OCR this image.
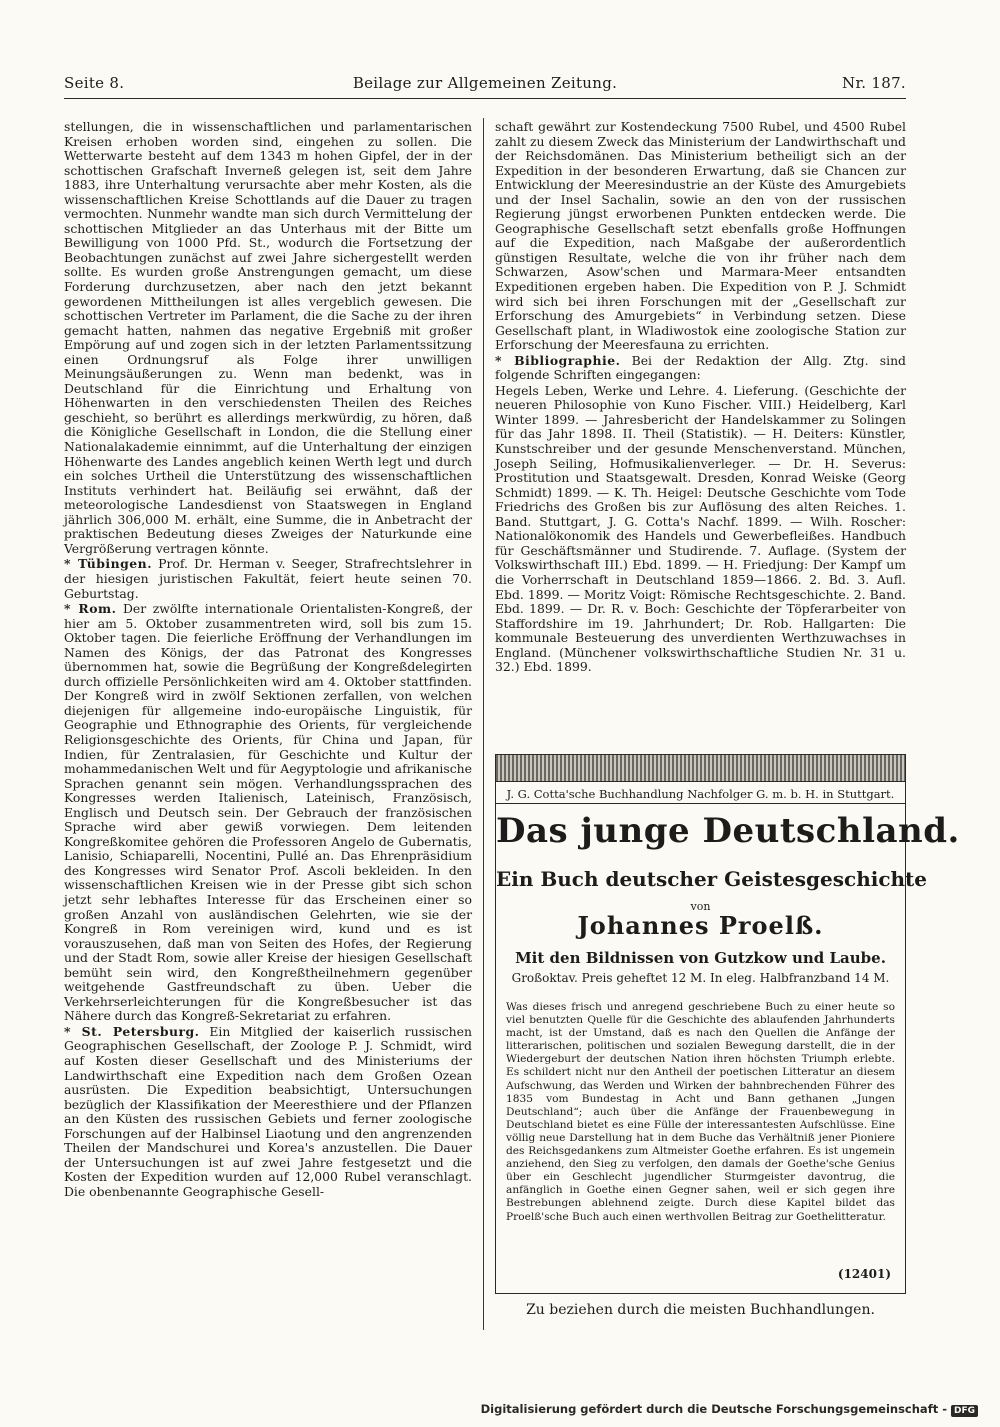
Seite 8.	Beilage zur Allgemeinen Zeitung.	Nr. 187.

stellungen, die in wissenschaftlichen und parlamentarischen Kreisen erhoben worden sind, eingehen zu sollen. Die Wetterwarte besteht auf dem 1343 m hohen Gipfel, der in der schottischen Grafschaft Inverneß gelegen ist, seit dem Jahre 1883, ihre Unterhaltung verursachte aber mehr Kosten, als die wissenschaftlichen Kreise Schottlands auf die Dauer zu tragen vermochten. Nunmehr wandte man sich durch Vermittelung der schottischen Mitglieder an das Unterhaus mit der Bitte um Bewilligung von 1000 Pfd. St., wodurch die Fortsetzung der Beobachtungen zunächst auf zwei Jahre sichergestellt werden sollte. Es wurden große Anstrengungen gemacht, um diese Forderung durchzusetzen, aber nach den jetzt bekannt gewordenen Mittheilungen ist alles vergeblich gewesen. Die schottischen Vertreter im Parlament, die die Sache zu der ihren gemacht hatten, nahmen das negative Ergebniß mit großer Empörung auf und zogen sich in der letzten Parlamentssitzung einen Ordnungsruf als Folge ihrer unwilligen Meinungsäußerungen zu. Wenn man bedenkt, was in Deutschland für die Einrichtung und Erhaltung von Höhenwarten in den verschiedensten Theilen des Reiches geschieht, so berührt es allerdings merkwürdig, zu hören, daß die Königliche Gesellschaft in London, die die Stellung einer Nationalakademie einnimmt, auf die Unterhaltung der einzigen Höhenwarte des Landes angeblich keinen Werth legt und durch ein solches Urtheil die Unterstützung des wissenschaftlichen Instituts verhindert hat. Beiläufig sei erwähnt, daß der meteorologische Landesdienst von Staatswegen in England jährlich 306,000 M. erhält, eine Summe, die in Anbetracht der praktischen Bedeutung dieses Zweiges der Naturkunde eine Vergrößerung vertragen könnte.

* Tübingen. Prof. Dr. Herman v. Seeger, Strafrechtslehrer in der hiesigen juristischen Fakultät, feiert heute seinen 70. Geburtstag.

* Rom. Der zwölfte internationale Orientalisten-Kongreß, der hier am 5. Oktober zusammentreten wird, soll bis zum 15. Oktober tagen. Die feierliche Eröffnung der Verhandlungen im Namen des Königs, der das Patronat des Kongresses übernommen hat, sowie die Begrüßung der Kongreßdelegirten durch offizielle Persönlichkeiten wird am 4. Oktober stattfinden. Der Kongreß wird in zwölf Sektionen zerfallen, von welchen diejenigen für allgemeine indo-europäische Linguistik, für Geographie und Ethnographie des Orients, für vergleichende Religionsgeschichte des Orients, für China und Japan, für Indien, für Zentralasien, für Geschichte und Kultur der mohammedanischen Welt und für Aegyptologie und afrikanische Sprachen genannt sein mögen. Verhandlungssprachen des Kongresses werden Italienisch, Lateinisch, Französisch, Englisch und Deutsch sein. Der Gebrauch der französischen Sprache wird aber gewiß vorwiegen. Dem leitenden Kongreßkomitee gehören die Professoren Angelo de Gubernatis, Lanisio, Schiaparelli, Nocentini, Pullé an. Das Ehrenpräsidium des Kongresses wird Senator Prof. Ascoli bekleiden. In den wissenschaftlichen Kreisen wie in der Presse gibt sich schon jetzt sehr lebhaftes Interesse für das Erscheinen einer so großen Anzahl von ausländischen Gelehrten, wie sie der Kongreß in Rom vereinigen wird, kund und es ist vorauszusehen, daß man von Seiten des Hofes, der Regierung und der Stadt Rom, sowie aller Kreise der hiesigen Gesellschaft bemüht sein wird, den Kongreßtheilnehmern gegenüber weitgehende Gastfreundschaft zu üben. Ueber die Verkehrserleichterungen für die Kongreßbesucher ist das Nähere durch das Kongreß-Sekretariat zu erfahren.

* St. Petersburg. Ein Mitglied der kaiserlich russischen Geographischen Gesellschaft, der Zoologe P. J. Schmidt, wird auf Kosten dieser Gesellschaft und des Ministeriums der Landwirthschaft eine Expedition nach dem Großen Ozean ausrüsten. Die Expedition beabsichtigt, Untersuchungen bezüglich der Klassifikation der Meeresthiere und der Pflanzen an den Küsten des russischen Gebiets und ferner zoologische Forschungen auf der Halbinsel Liaotung und den angrenzenden Theilen der Mandschurei und Korea's anzustellen. Die Dauer der Untersuchungen ist auf zwei Jahre festgesetzt und die Kosten der Expedition wurden auf 12,000 Rubel veranschlagt. Die obenbenannte Geographische Gesell-

schaft gewährt zur Kostendeckung 7500 Rubel, und 4500 Rubel zahlt zu diesem Zweck das Ministerium der Landwirthschaft und der Reichsdomänen. Das Ministerium betheiligt sich an der Expedition in der besonderen Erwartung, daß sie Chancen zur Entwicklung der Meeresindustrie an der Küste des Amurgebiets und der Insel Sachalin, sowie an den von der russischen Regierung jüngst erworbenen Punkten entdecken werde. Die Geographische Gesellschaft setzt ebenfalls große Hoffnungen auf die Expedition, nach Maßgabe der außerordentlich günstigen Resultate, welche die von ihr früher nach dem Schwarzen, Asow'schen und Marmara-Meer entsandten Expeditionen ergeben haben. Die Expedition von P. J. Schmidt wird sich bei ihren Forschungen mit der „Gesellschaft zur Erforschung des Amurgebiets“ in Verbindung setzen. Diese Gesellschaft plant, in Wladiwostok eine zoologische Station zur Erforschung der Meeresfauna zu errichten.

* Bibliographie. Bei der Redaktion der Allg. Ztg. sind folgende Schriften eingegangen:

Hegels Leben, Werke und Lehre. 4. Lieferung. (Geschichte der neueren Philosophie von Kuno Fischer. VIII.) Heidelberg, Karl Winter 1899. — Jahresbericht der Handelskammer zu Solingen für das Jahr 1898. II. Theil (Statistik). — H. Deiters: Künstler, Kunstschreiber und der gesunde Menschenverstand. München, Joseph Seiling, Hofmusikalienverleger. — Dr. H. Severus: Prostitution und Staatsgewalt. Dresden, Konrad Weiske (Georg Schmidt) 1899. — K. Th. Heigel: Deutsche Geschichte vom Tode Friedrichs des Großen bis zur Auflösung des alten Reiches. 1. Band. Stuttgart, J. G. Cotta's Nachf. 1899. — Wilh. Roscher: Nationalökonomik des Handels und Gewerbefleißes. Handbuch für Geschäftsmänner und Studirende. 7. Auflage. (System der Volkswirthschaft III.) Ebd. 1899. — H. Friedjung: Der Kampf um die Vorherrschaft in Deutschland 1859—1866. 2. Bd. 3. Aufl. Ebd. 1899. — Moritz Voigt: Römische Rechtsgeschichte. 2. Band. Ebd. 1899. — Dr. R. v. Boch: Geschichte der Töpferarbeiter von Staffordshire im 19. Jahrhundert; Dr. Rob. Hallgarten: Die kommunale Besteuerung des unverdienten Werthzuwachses in England. (Münchener volkswirthschaftliche Studien Nr. 31 u. 32.) Ebd. 1899.

J. G. Cotta'sche Buchhandlung Nachfolger G. m. b. H. in Stuttgart.
Das junge Deutschland.
Ein Buch deutscher Geistesgeschichte
von
Johannes Proelß.
Mit den Bildnissen von Gutzkow und Laube.
Großoktav. Preis geheftet 12 M. In eleg. Halbfranzband 14 M.
Was dieses frisch und anregend geschriebene Buch zu einer heute so viel benutzten Quelle für die Geschichte des ablaufenden Jahrhunderts macht, ist der Umstand, daß es nach den Quellen die Anfänge der litterarischen, politischen und sozialen Bewegung darstellt, die in der Wiedergeburt der deutschen Nation ihren höchsten Triumph erlebte. Es schildert nicht nur den Antheil der poetischen Litteratur an diesem Aufschwung, das Werden und Wirken der bahnbrechenden Führer des 1835 vom Bundestag in Acht und Bann gethanen „Jungen Deutschland“; auch über die Anfänge der Frauenbewegung in Deutschland bietet es eine Fülle der interessantesten Aufschlüsse. Eine völlig neue Darstellung hat in dem Buche das Verhältniß jener Pioniere des Reichsgedankens zum Altmeister Goethe erfahren. Es ist ungemein anziehend, den Sieg zu verfolgen, den damals der Goethe'sche Genius über ein Geschlecht jugendlicher Sturmgeister davontrug, die anfänglich in Goethe einen Gegner sahen, weil er sich gegen ihre Bestrebungen ablehnend zeigte. Durch diese Kapitel bildet das Proelß'sche Buch auch einen werthvollen Beitrag zur Goethelitteratur.
(12401)
Zu beziehen durch die meisten Buchhandlungen.
Digitalisierung gefördert durch die Deutsche Forschungsgemeinschaft - DFG
